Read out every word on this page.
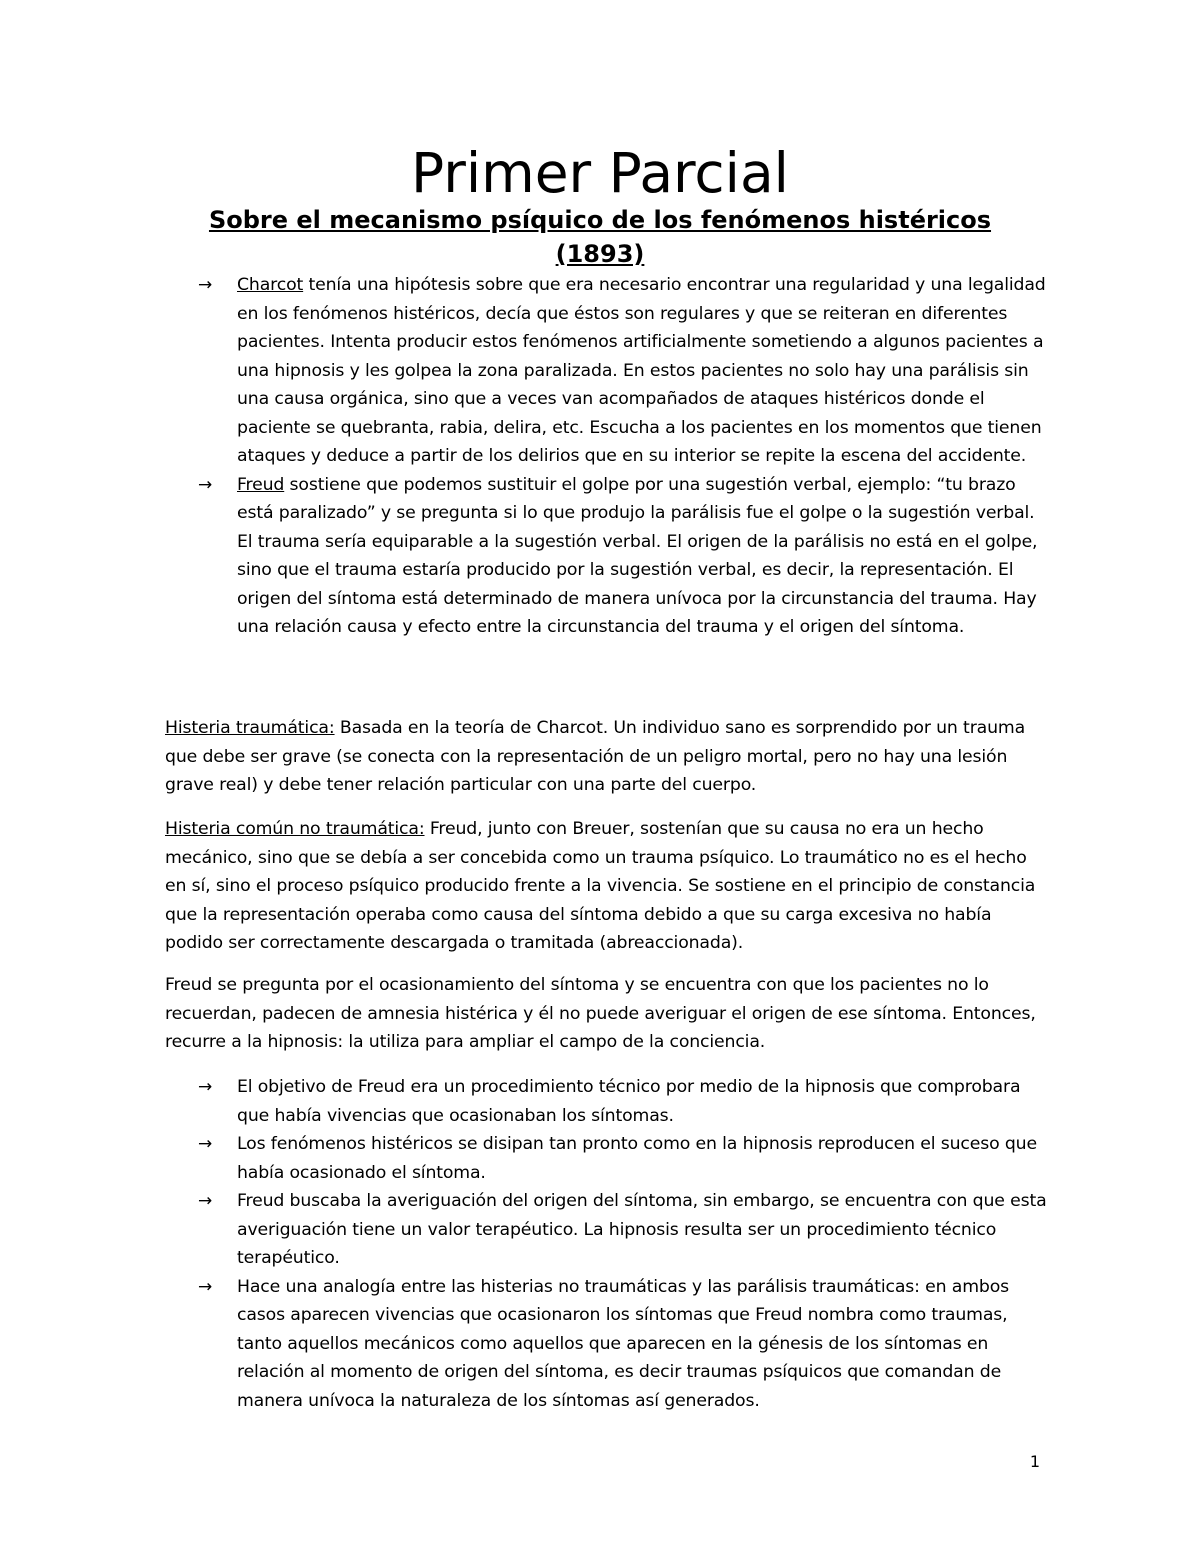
Primer Parcial
Sobre el mecanismo psíquico de los fenómenos histéricos
(1893)
→ Charcot tenía una hipótesis sobre que era necesario encontrar una regularidad y una legalidad en los fenómenos histéricos, decía que éstos son regulares y que se reiteran en diferentes pacientes. Intenta producir estos fenómenos artificialmente sometiendo a algunos pacientes a una hipnosis y les golpea la zona paralizada. En estos pacientes no solo hay una parálisis sin una causa orgánica, sino que a veces van acompañados de ataques histéricos donde el paciente se quebranta, rabia, delira, etc. Escucha a los pacientes en los momentos que tienen ataques y deduce a partir de los delirios que en su interior se repite la escena del accidente.
→ Freud sostiene que podemos sustituir el golpe por una sugestión verbal, ejemplo: “tu brazo está paralizado” y se pregunta si lo que produjo la parálisis fue el golpe o la sugestión verbal. El trauma sería equiparable a la sugestión verbal. El origen de la parálisis no está en el golpe, sino que el trauma estaría producido por la sugestión verbal, es decir, la representación. El origen del síntoma está determinado de manera unívoca por la circunstancia del trauma. Hay una relación causa y efecto entre la circunstancia del trauma y el origen del síntoma.

Histeria traumática: Basada en la teoría de Charcot. Un individuo sano es sorprendido por un trauma que debe ser grave (se conecta con la representación de un peligro mortal, pero no hay una lesión grave real) y debe tener relación particular con una parte del cuerpo.

Histeria común no traumática: Freud, junto con Breuer, sostenían que su causa no era un hecho mecánico, sino que se debía a ser concebida como un trauma psíquico. Lo traumático no es el hecho en sí, sino el proceso psíquico producido frente a la vivencia. Se sostiene en el principio de constancia que la representación operaba como causa del síntoma debido a que su carga excesiva no había podido ser correctamente descargada o tramitada (abreaccionada).

Freud se pregunta por el ocasionamiento del síntoma y se encuentra con que los pacientes no lo recuerdan, padecen de amnesia histérica y él no puede averiguar el origen de ese síntoma. Entonces, recurre a la hipnosis: la utiliza para ampliar el campo de la conciencia.

→ El objetivo de Freud era un procedimiento técnico por medio de la hipnosis que comprobara que había vivencias que ocasionaban los síntomas.
→ Los fenómenos histéricos se disipan tan pronto como en la hipnosis reproducen el suceso que había ocasionado el síntoma.
→ Freud buscaba la averiguación del origen del síntoma, sin embargo, se encuentra con que esta averiguación tiene un valor terapéutico. La hipnosis resulta ser un procedimiento técnico terapéutico.
→ Hace una analogía entre las histerias no traumáticas y las parálisis traumáticas: en ambos casos aparecen vivencias que ocasionaron los síntomas que Freud nombra como traumas, tanto aquellos mecánicos como aquellos que aparecen en la génesis de los síntomas en relación al momento de origen del síntoma, es decir traumas psíquicos que comandan de manera unívoca la naturaleza de los síntomas así generados.
1
